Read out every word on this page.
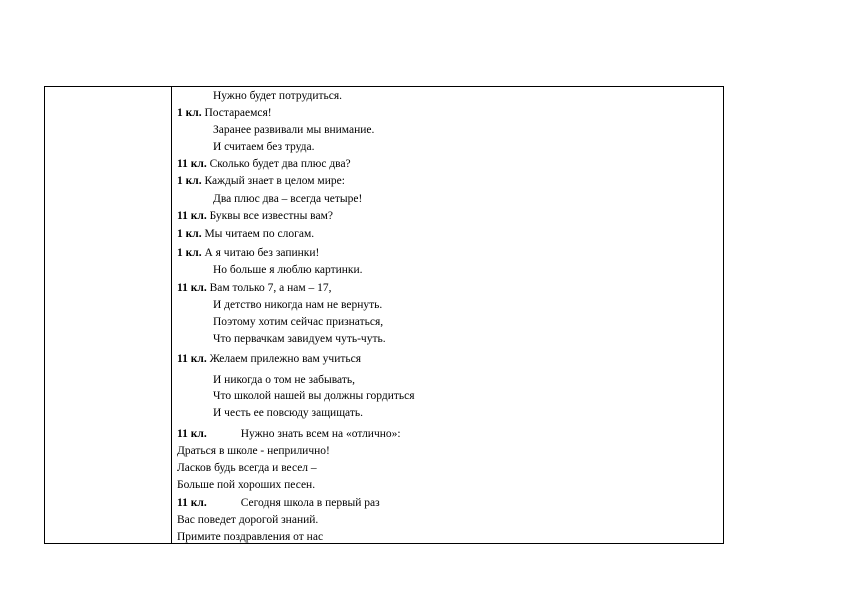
Нужно будет потрудиться.
1 кл. Постараемся!
Заранее развивали мы внимание.
И считаем без труда.
11 кл. Сколько будет два плюс два?
1 кл. Каждый знает в целом мире:
Два плюс два – всегда четыре!
11 кл. Буквы все известны вам?
1 кл. Мы читаем по слогам.
1 кл. А я читаю без запинки!
Но больше я люблю картинки.
11 кл. Вам только 7, а нам – 17,
И детство никогда нам не вернуть.
Поэтому хотим сейчас признаться,
Что первачкам завидуем чуть-чуть.
11 кл. Желаем прилежно вам учиться
И никогда о том не забывать,
Что школой нашей вы должны гордиться
И честь ее повсюду защищать.
11 кл.	Нужно знать всем на «отлично»:
Драться в школе - неприлично!
Ласков будь всегда и весел –
Больше пой хороших песен.
11 кл.	Сегодня школа в первый раз
Вас поведет дорогой знаний.
Примите поздравления от нас
